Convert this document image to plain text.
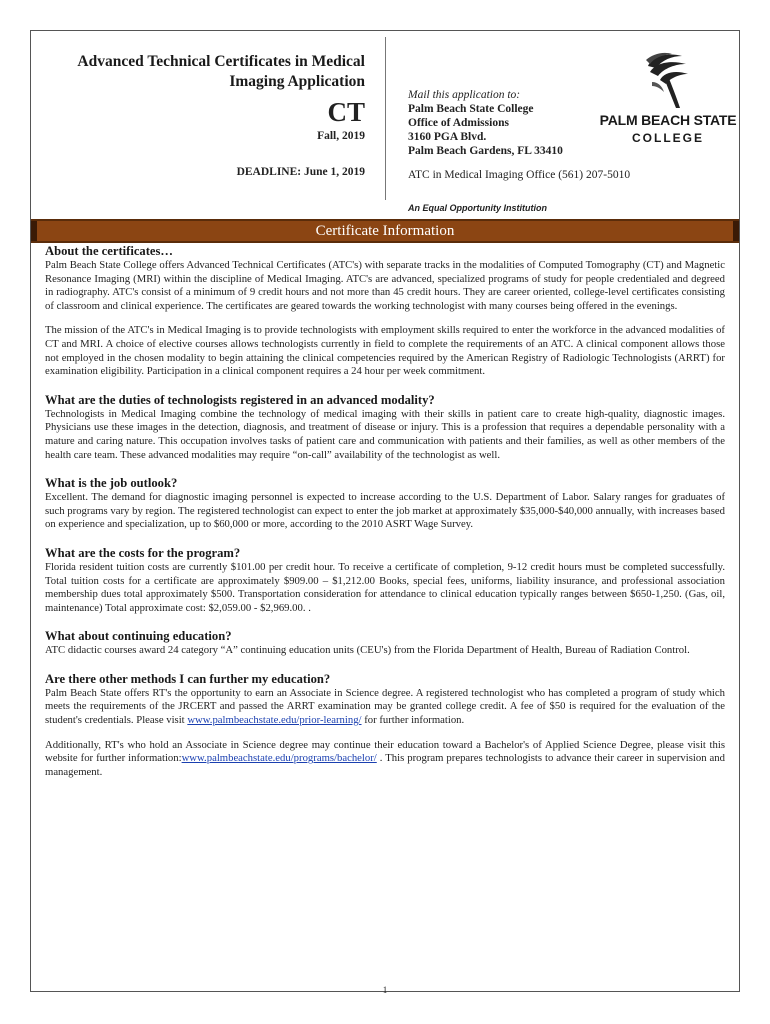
Advanced Technical Certificates in Medical
Imaging Application
CT
Fall, 2019
DEADLINE: June 1, 2019
Mail this application to:
Palm Beach State College
Office of Admissions
3160 PGA Blvd.
Palm Beach Gardens, FL 33410
ATC in Medical Imaging Office (561) 207-5010
An Equal Opportunity Institution
PALM BEACH STATE
COLLEGE
Certificate Information
About the certificates…

Palm Beach State College offers Advanced Technical Certificates (ATC's) with separate tracks in the modalities of Computed Tomography (CT) and Magnetic Resonance Imaging (MRI) within the discipline of Medical Imaging. ATC's are advanced, specialized programs of study for people credentialed and degreed in radiography. ATC's consist of a minimum of 9 credit hours and not more than 45 credit hours. They are career oriented, college-level certificates consisting of classroom and clinical experience. The certificates are geared towards the working technologist with many courses being offered in the evenings.

The mission of the ATC's in Medical Imaging is to provide technologists with employment skills required to enter the workforce in the advanced modalities of CT and MRI. A choice of elective courses allows technologists currently in field to complete the requirements of an ATC. A clinical component allows those not employed in the chosen modality to begin attaining the clinical competencies required by the American Registry of Radiologic Technologists (ARRT) for examination eligibility. Participation in a clinical component requires a 24 hour per week commitment.

What are the duties of technologists registered in an advanced modality?

Technologists in Medical Imaging combine the technology of medical imaging with their skills in patient care to create high-quality, diagnostic images. Physicians use these images in the detection, diagnosis, and treatment of disease or injury. This is a profession that requires a dependable personality with a mature and caring nature. This occupation involves tasks of patient care and communication with patients and their families, as well as other members of the health care team. These advanced modalities may require “on-call” availability of the technologist as well.

What is the job outlook?

Excellent. The demand for diagnostic imaging personnel is expected to increase according to the U.S. Department of Labor. Salary ranges for graduates of such programs vary by region. The registered technologist can expect to enter the job market at approximately $35,000-$40,000 annually, with increases based on experience and specialization, up to $60,000 or more, according to the 2010 ASRT Wage Survey.

What are the costs for the program?

Florida resident tuition costs are currently $101.00 per credit hour. To receive a certificate of completion, 9-12 credit hours must be completed successfully. Total tuition costs for a certificate are approximately $909.00 – $1,212.00 Books, special fees, uniforms, liability insurance, and professional association membership dues total approximately $500. Transportation consideration for attendance to clinical education typically ranges between $650-1,250. (Gas, oil, maintenance) Total approximate cost: $2,059.00 - $2,969.00. .

What about continuing education?

ATC didactic courses award 24 category “A” continuing education units (CEU's) from the Florida Department of Health, Bureau of Radiation Control.

Are there other methods I can further my education?

Palm Beach State offers RT's the opportunity to earn an Associate in Science degree. A registered technologist who has completed a program of study which meets the requirements of the JRCERT and passed the ARRT examination may be granted college credit. A fee of $50 is required for the evaluation of the student's credentials. Please visit www.palmbeachstate.edu/prior-learning/ for further information.

Additionally, RT's who hold an Associate in Science degree may continue their education toward a Bachelor's of Applied Science Degree, please visit this website for further information:www.palmbeachstate.edu/programs/bachelor/ . This program prepares technologists to advance their career in supervision and management.

1
